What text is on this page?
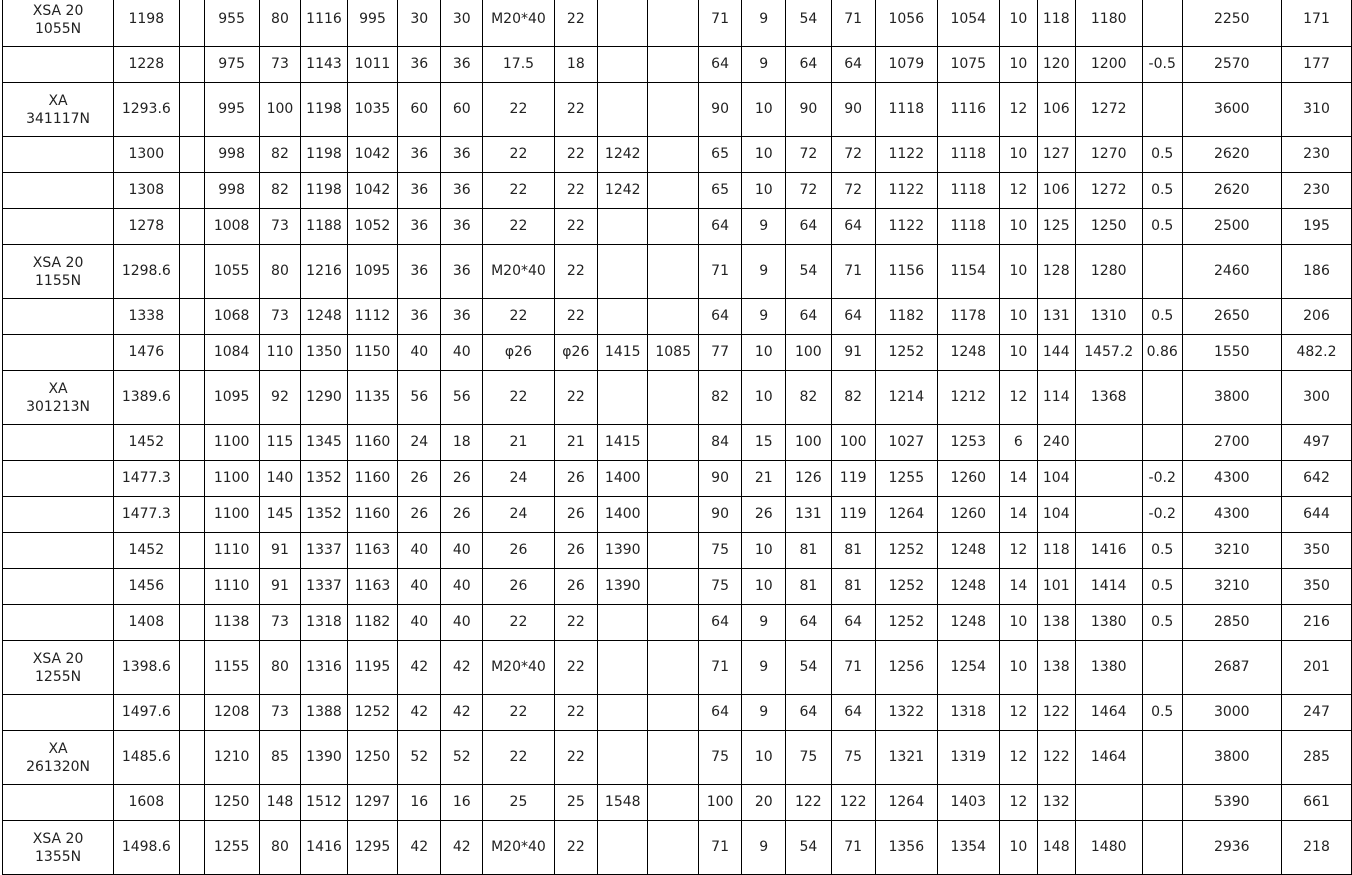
XSA 20
1055N	1198		955	80	1116	995	30	30	M20*40	22			71	9	54	71	1056	1054	10	118	1180		2250	171
	1228		975	73	1143	1011	36	36	17.5	18			64	9	64	64	1079	1075	10	120	1200	-0.5	2570	177
XA
341117N	1293.6		995	100	1198	1035	60	60	22	22			90	10	90	90	1118	1116	12	106	1272		3600	310
	1300		998	82	1198	1042	36	36	22	22	1242		65	10	72	72	1122	1118	10	127	1270	0.5	2620	230
	1308		998	82	1198	1042	36	36	22	22	1242		65	10	72	72	1122	1118	12	106	1272	0.5	2620	230
	1278		1008	73	1188	1052	36	36	22	22			64	9	64	64	1122	1118	10	125	1250	0.5	2500	195
XSA 20
1155N	1298.6		1055	80	1216	1095	36	36	M20*40	22			71	9	54	71	1156	1154	10	128	1280		2460	186
	1338		1068	73	1248	1112	36	36	22	22			64	9	64	64	1182	1178	10	131	1310	0.5	2650	206
	1476		1084	110	1350	1150	40	40	φ26	φ26	1415	1085	77	10	100	91	1252	1248	10	144	1457.2	0.86	1550	482.2
XA
301213N	1389.6		1095	92	1290	1135	56	56	22	22			82	10	82	82	1214	1212	12	114	1368		3800	300
	1452		1100	115	1345	1160	24	18	21	21	1415		84	15	100	100	1027	1253	6	240			2700	497
	1477.3		1100	140	1352	1160	26	26	24	26	1400		90	21	126	119	1255	1260	14	104		-0.2	4300	642
	1477.3		1100	145	1352	1160	26	26	24	26	1400		90	26	131	119	1264	1260	14	104		-0.2	4300	644
	1452		1110	91	1337	1163	40	40	26	26	1390		75	10	81	81	1252	1248	12	118	1416	0.5	3210	350
	1456		1110	91	1337	1163	40	40	26	26	1390		75	10	81	81	1252	1248	14	101	1414	0.5	3210	350
	1408		1138	73	1318	1182	40	40	22	22			64	9	64	64	1252	1248	10	138	1380	0.5	2850	216
XSA 20
1255N	1398.6		1155	80	1316	1195	42	42	M20*40	22			71	9	54	71	1256	1254	10	138	1380		2687	201
	1497.6		1208	73	1388	1252	42	42	22	22			64	9	64	64	1322	1318	12	122	1464	0.5	3000	247
XA
261320N	1485.6		1210	85	1390	1250	52	52	22	22			75	10	75	75	1321	1319	12	122	1464		3800	285
	1608		1250	148	1512	1297	16	16	25	25	1548		100	20	122	122	1264	1403	12	132			5390	661
XSA 20
1355N	1498.6		1255	80	1416	1295	42	42	M20*40	22			71	9	54	71	1356	1354	10	148	1480		2936	218
